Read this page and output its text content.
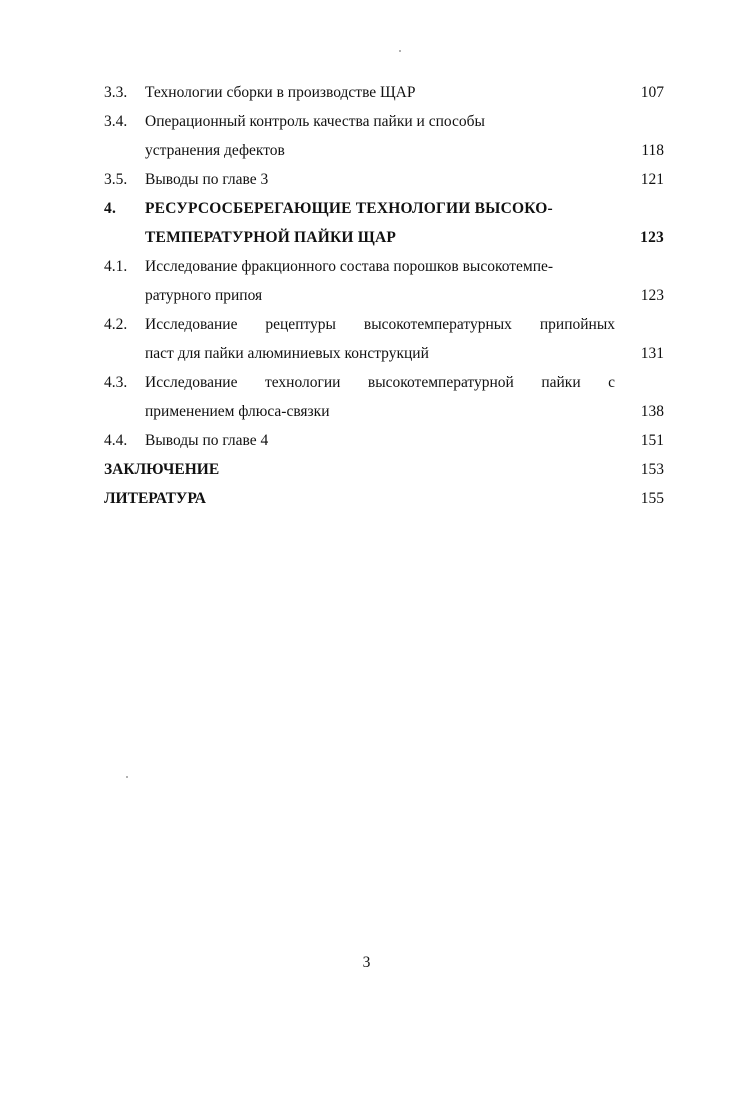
3.3. Технологии сборки в производстве ЩАР	107
3.4. Операционный контроль качества пайки и способы
устранения дефектов	118
3.5. Выводы по главе 3	121
4. РЕСУРСОСБЕРЕГАЮЩИЕ ТЕХНОЛОГИИ ВЫСОКО-
ТЕМПЕРАТУРНОЙ ПАЙКИ ЩАР	123
4.1. Исследование фракционного состава порошков высокотемпе-
ратурного припоя	123
4.2. Исследование рецептуры высокотемпературных припойных
паст для пайки алюминиевых конструкций	131
4.3. Исследование технологии высокотемпературной пайки с
применением флюса-связки	138
4.4. Выводы по главе 4	151
ЗАКЛЮЧЕНИЕ	153
ЛИТЕРАТУРА	155
3
